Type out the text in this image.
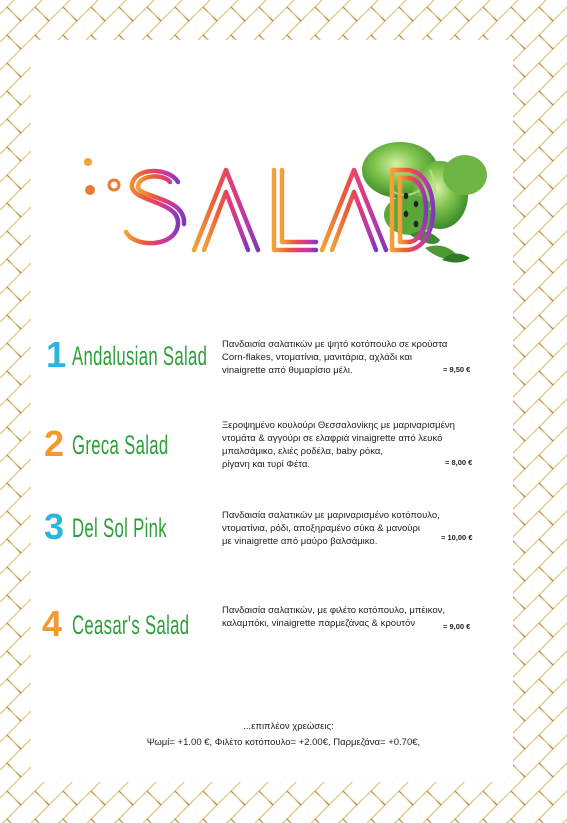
1 Andalusian Salad Πανδαισία σαλατικών με ψητό κοτόπουλο σε κρούστα

Corn-flakes, ντοματίνια, μανιτάρια, αχλάδι και

vinaigrette από θυμαρίσιο μέλι.	= 9,50 €
2 Greca Salad

Ξεροψημένο κουλούρι Θεσσαλονίκης με μαριναρισμένη

ντομάτα & αγγούρι σε ελαφριά vinaigrette από λευκό

μπαλσάμικο, ελιές ροδέλα, baby ρόκα,

ρίγανη και τυρί Φέτα.	= 8,00 €
3 Del Sol Pink	Πανδαισία σαλατικών με μαριναρισμένο κοτόπουλο,

ντοματίνια, ρόδι, αποξηραμένο σύκα & μανούρι

με vinaigrette από μαύρο βαλσάμικο.	= 10,00 €
4 Ceasar's Salad	Πανδαισία σαλατικών, με φιλέτο κοτόπουλο, μπέικον,

καλαμπόκι, vinaigrette παρμεζάνας & κρουτόν	= 9,00 €

...επιπλέον χρεώσεις:

Ψωμί= +1.00 €, Φιλέτο κοτόπουλο= +2.00€, Παρμεζάνα= +0.70€,
